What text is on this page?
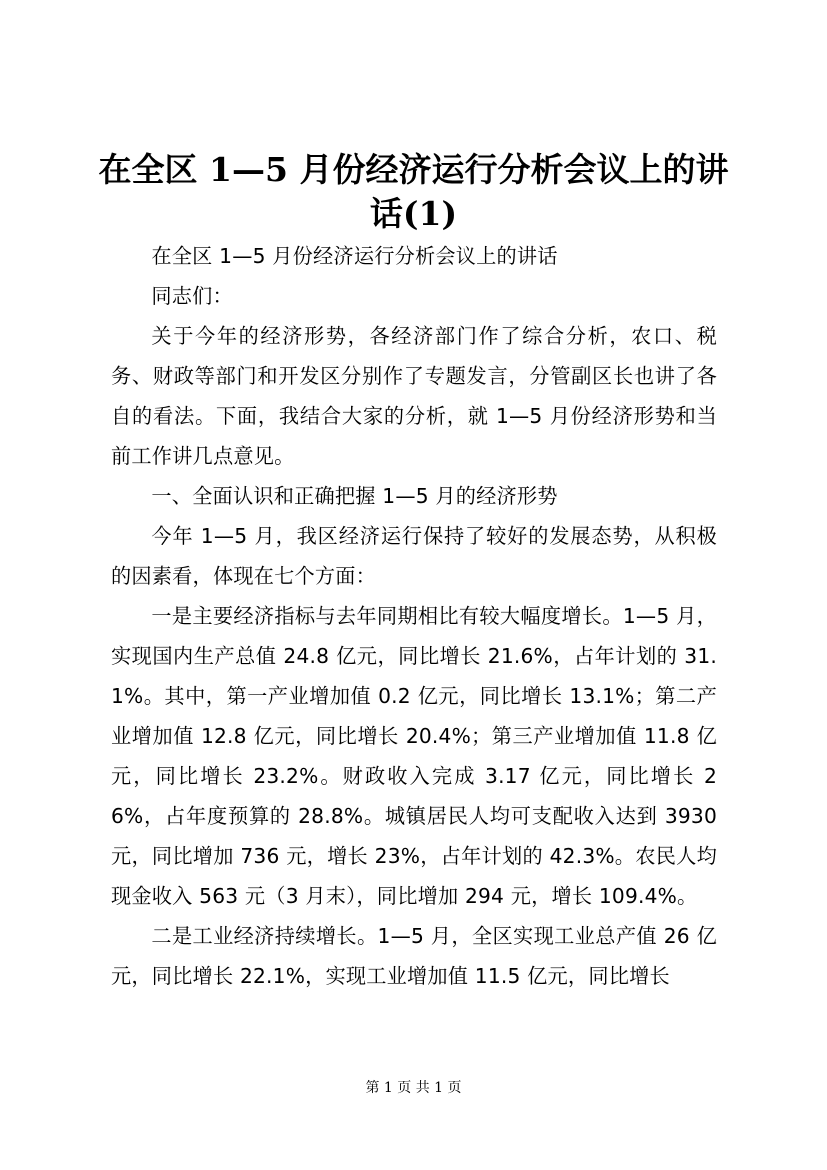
在全区 1—5 月份经济运行分析会议上的讲话(1)

在全区 1—5 月份经济运行分析会议上的讲话

同志们：

关于今年的经济形势，各经济部门作了综合分析，农口、税务、财政等部门和开发区分别作了专题发言，分管副区长也讲了各自的看法。下面，我结合大家的分析，就 1—5 月份经济形势和当前工作讲几点意见。

一、全面认识和正确把握 1—5 月的经济形势

今年 1—5 月，我区经济运行保持了较好的发展态势，从积极的因素看，体现在七个方面：

一是主要经济指标与去年同期相比有较大幅度增长。1—5 月，实现国内生产总值 24.8 亿元，同比增长 21.6%，占年计划的 31.1%。其中，第一产业增加值 0.2 亿元，同比增长 13.1%；第二产业增加值 12.8 亿元，同比增长 20.4%；第三产业增加值 11.8 亿元，同比增长 23.2%。财政收入完成 3.17 亿元，同比增长 26%，占年度预算的 28.8%。城镇居民人均可支配收入达到 3930 元，同比增加 736 元，增长 23%，占年计划的 42.3%。农民人均现金收入 563 元（3 月末），同比增加 294 元，增长 109.4%。

二是工业经济持续增长。1—5 月，全区实现工业总产值 26 亿元，同比增长 22.1%，实现工业增加值 11.5 亿元，同比增长

第 1 页 共 1 页
